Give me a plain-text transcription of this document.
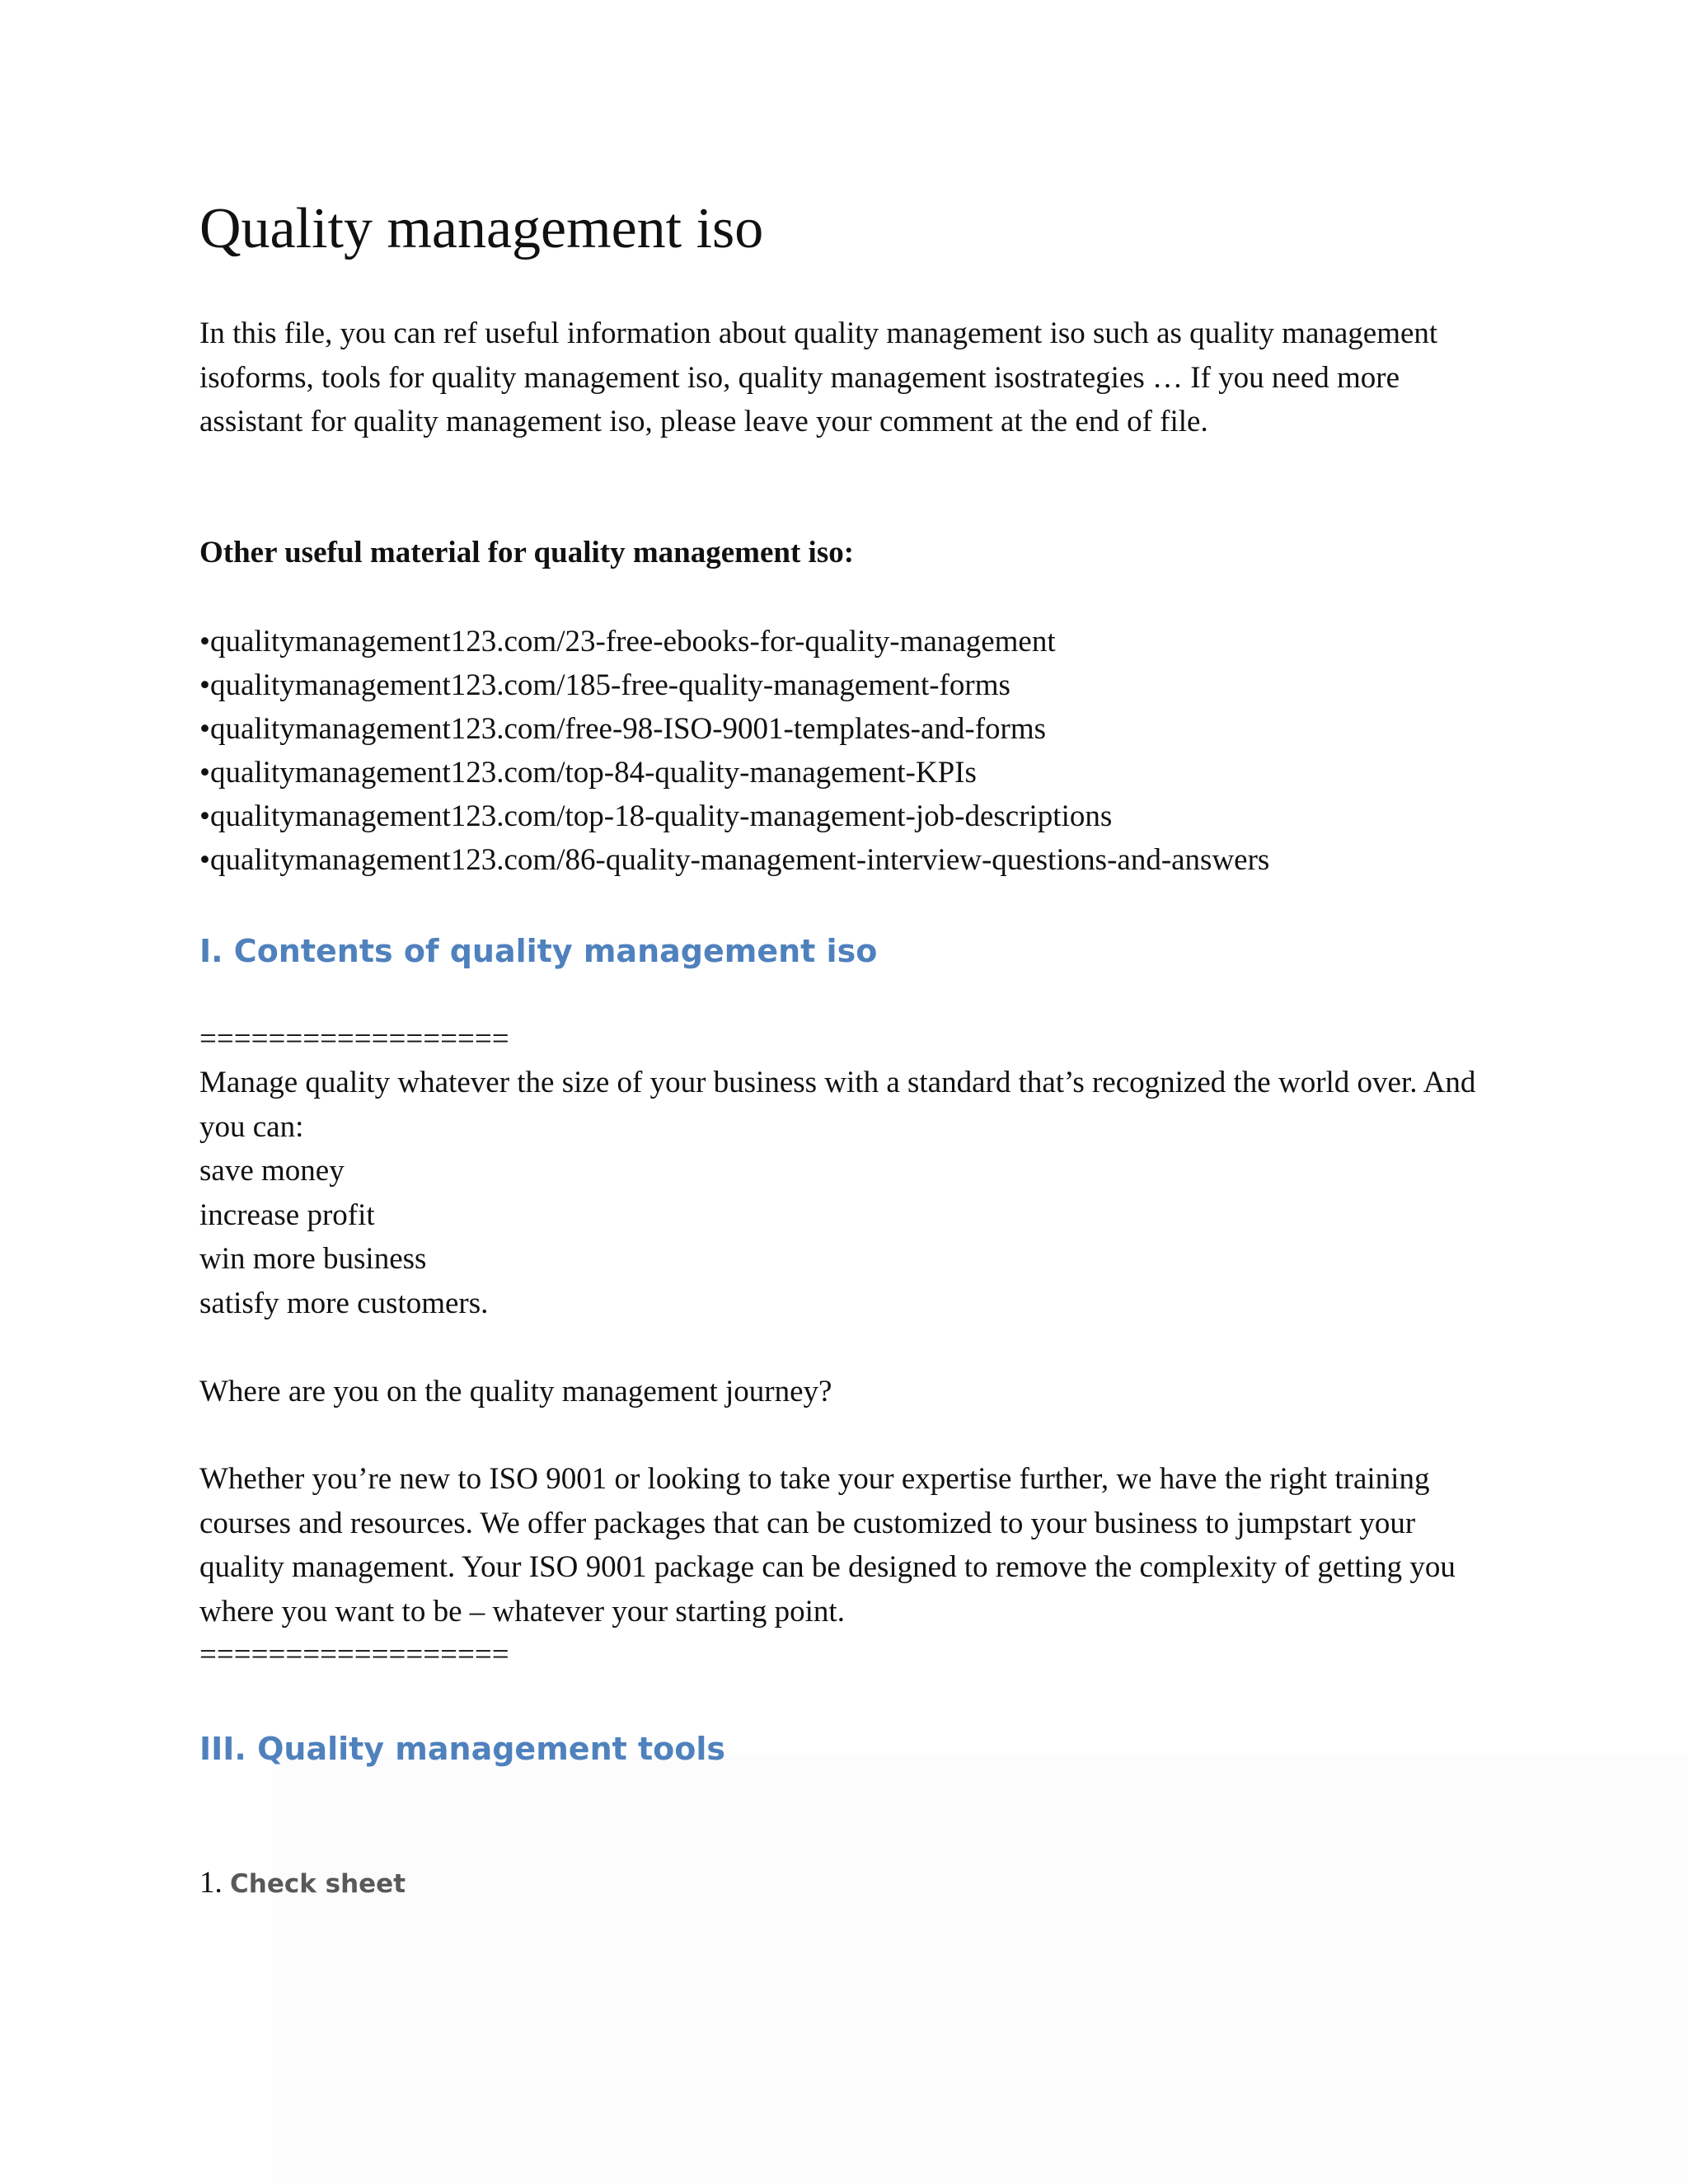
Quality management iso

In this file, you can ref useful information about quality management iso such as quality management isoforms, tools for quality management iso, quality management isostrategies … If you need more assistant for quality management iso, please leave your comment at the end of file.

Other useful material for quality management iso:

• qualitymanagement123.com/23-free-ebooks-for-quality-management
• qualitymanagement123.com/185-free-quality-management-forms
• qualitymanagement123.com/free-98-ISO-9001-templates-and-forms
• qualitymanagement123.com/top-84-quality-management-KPIs
• qualitymanagement123.com/top-18-quality-management-job-descriptions
• qualitymanagement123.com/86-quality-management-interview-questions-and-answers
I. Contents of quality management iso

==================

Manage quality whatever the size of your business with a standard that’s recognized the world over. And you can:

save money

increase profit

win more business

satisfy more customers.

Where are you on the quality management journey?

Whether you’re new to ISO 9001 or looking to take your expertise further, we have the right training courses and resources. We offer packages that can be customized to your business to jumpstart your quality management. Your ISO 9001 package can be designed to remove the complexity of getting you where you want to be – whatever your starting point.

==================

III. Quality management tools
1. Check sheet
